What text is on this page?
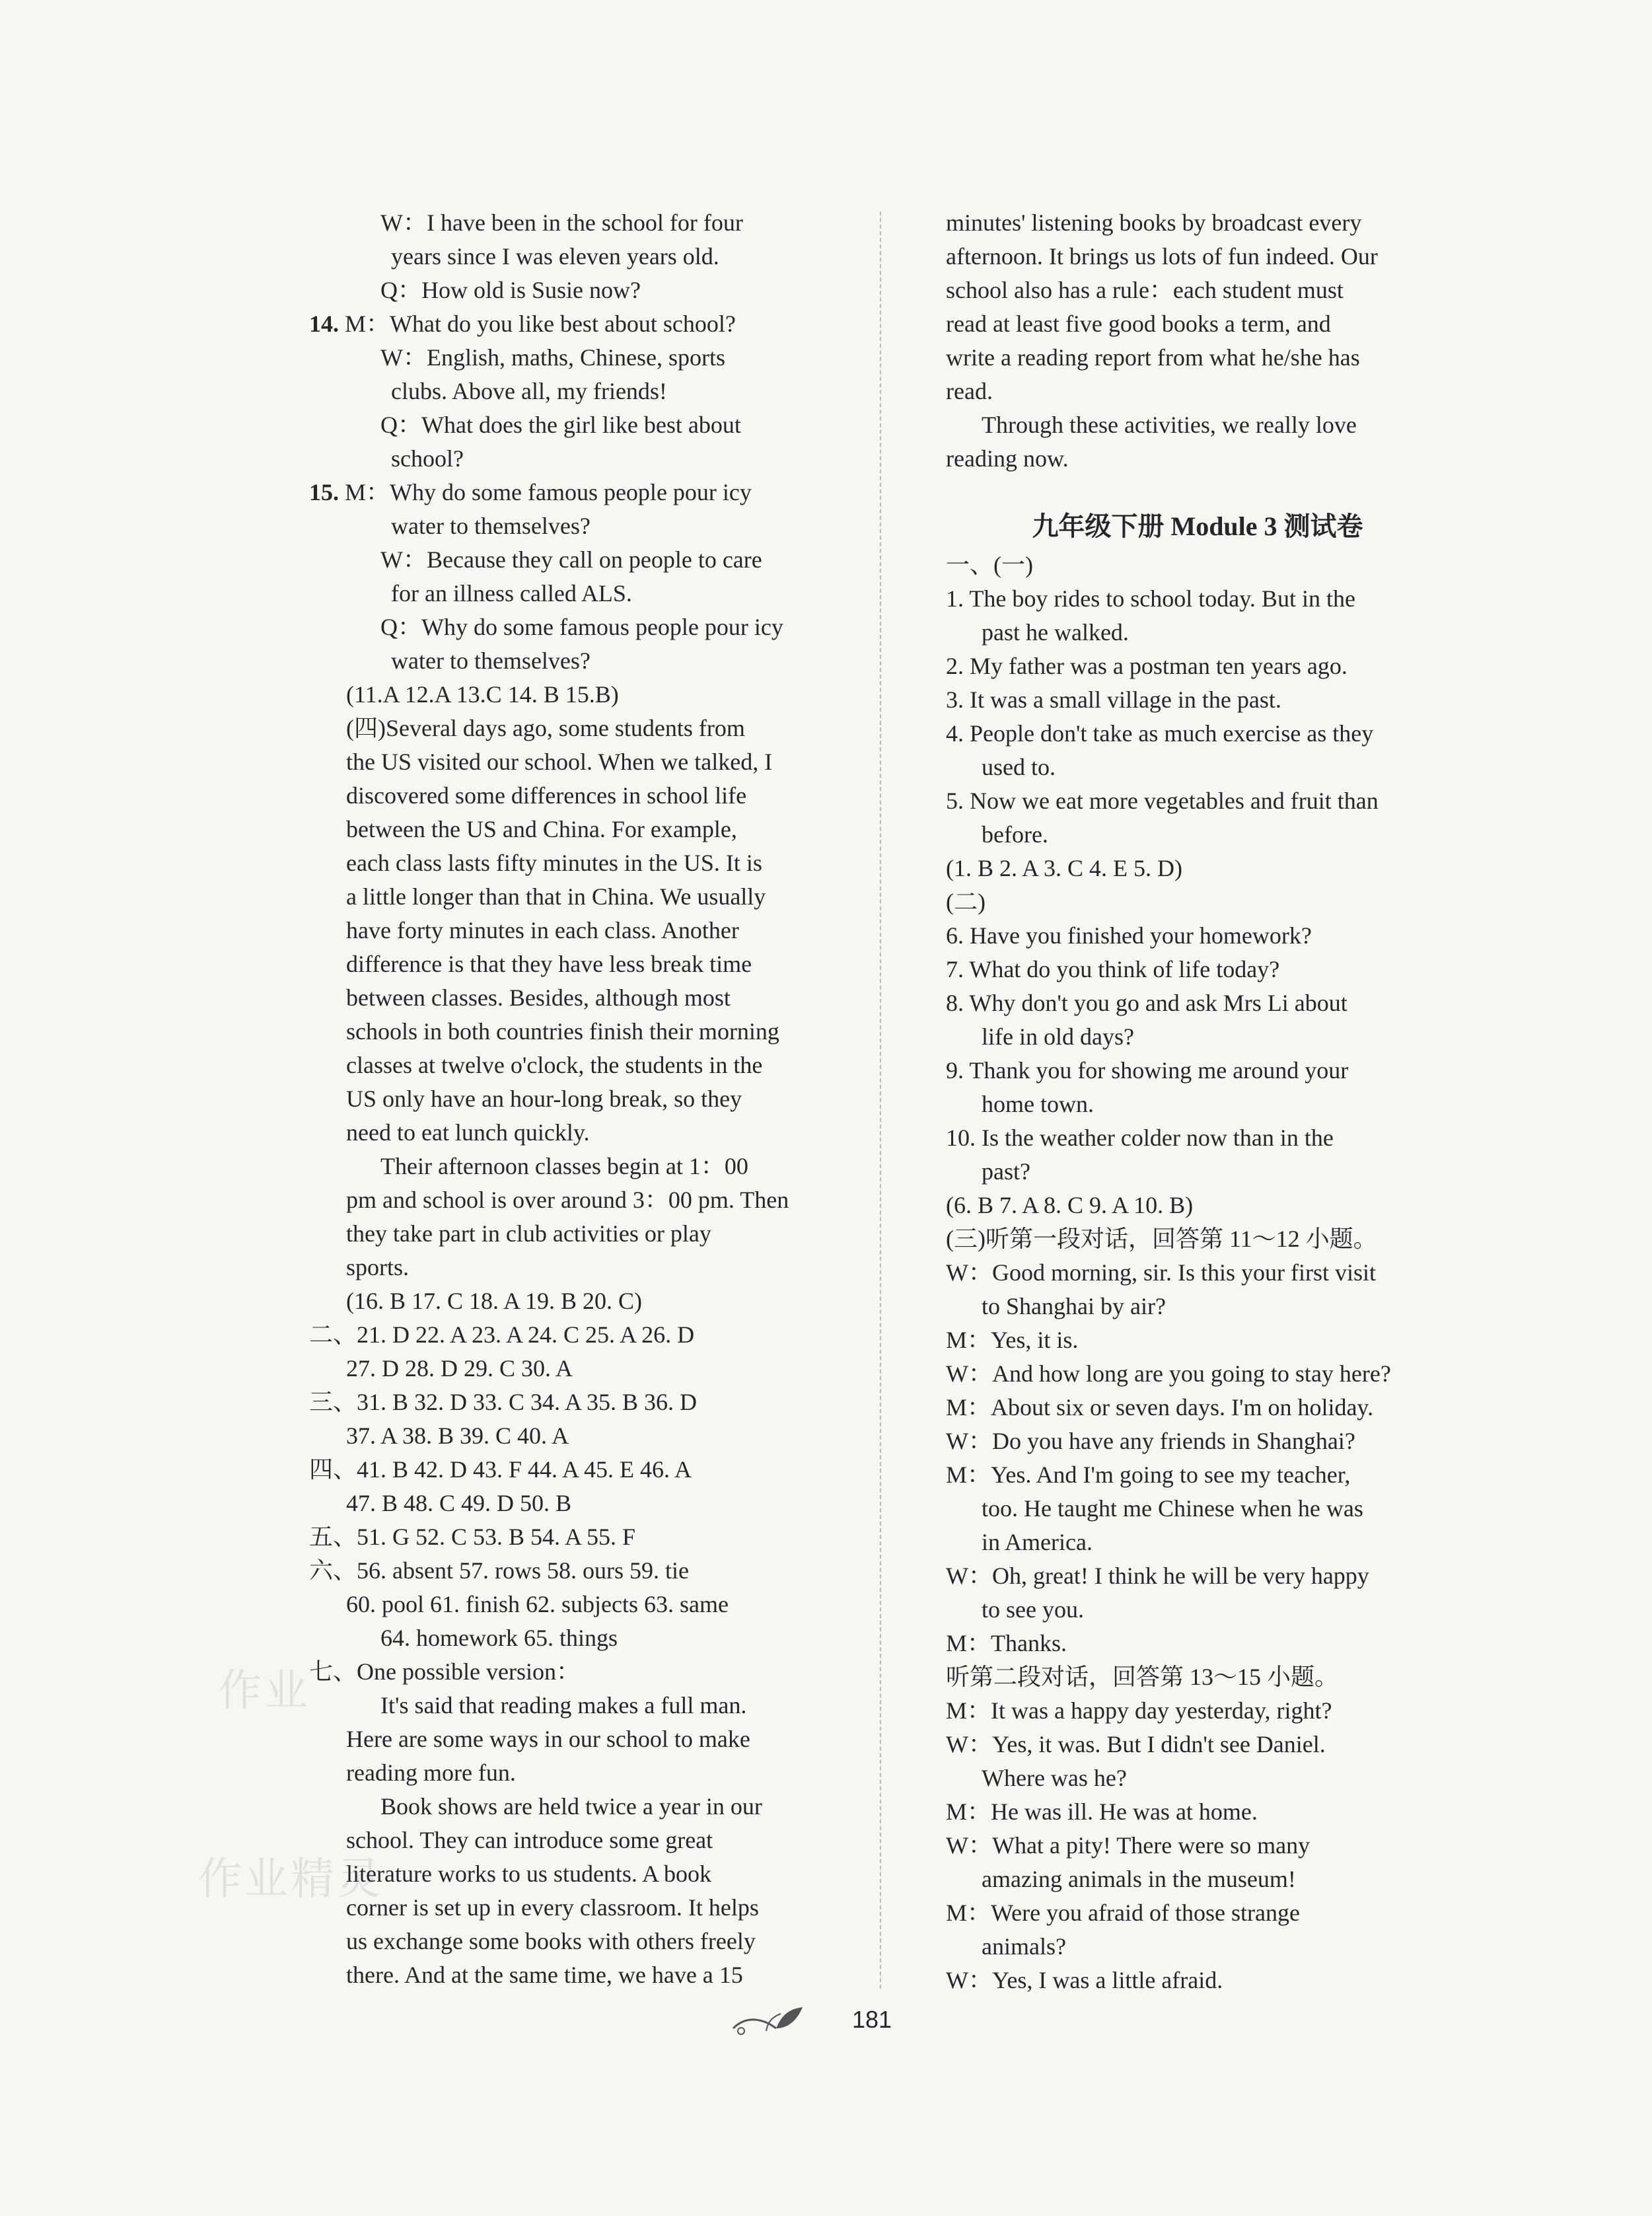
W：I have been in the school for four
years since I was eleven years old.
Q：How old is Susie now?
14. M：What do you like best about school?
W：English, maths, Chinese, sports
clubs. Above all, my friends!
Q：What does the girl like best about
school?
15. M：Why do some famous people pour icy
water to themselves?
W：Because they call on people to care
for an illness called ALS.
Q：Why do some famous people pour icy
water to themselves?
(11.A 12.A 13.C 14. B 15.B)
(四)Several days ago, some students from
the US visited our school. When we talked, I
discovered some differences in school life
between the US and China. For example,
each class lasts fifty minutes in the US. It is
a little longer than that in China. We usually
have forty minutes in each class. Another
difference is that they have less break time
between classes. Besides, although most
schools in both countries finish their morning
classes at twelve o'clock, the students in the
US only have an hour-long break, so they
need to eat lunch quickly.
Their afternoon classes begin at 1：00
pm and school is over around 3：00 pm. Then
they take part in club activities or play
sports.
(16. B 17. C 18. A 19. B 20. C)
二、21. D 22. A 23. A 24. C 25. A 26. D
27. D 28. D 29. C 30. A
三、31. B 32. D 33. C 34. A 35. B 36. D
37. A 38. B 39. C 40. A
四、41. B 42. D 43. F 44. A 45. E 46. A
47. B 48. C 49. D 50. B
五、51. G 52. C 53. B 54. A 55. F
六、56. absent 57. rows 58. ours 59. tie
60. pool 61. finish 62. subjects 63. same
64. homework 65. things
七、One possible version：
It's said that reading makes a full man.
Here are some ways in our school to make
reading more fun.
Book shows are held twice a year in our
school. They can introduce some great
literature works to us students. A book
corner is set up in every classroom. It helps
us exchange some books with others freely
there. And at the same time, we have a 15
minutes' listening books by broadcast every
afternoon. It brings us lots of fun indeed. Our
school also has a rule：each student must
read at least five good books a term, and
write a reading report from what he/she has
read.
Through these activities, we really love
reading now.
九年级下册 Module 3 测试卷
一、(一)
1. The boy rides to school today. But in the
past he walked.
2. My father was a postman ten years ago.
3. It was a small village in the past.
4. People don't take as much exercise as they
used to.
5. Now we eat more vegetables and fruit than
before.
(1. B 2. A 3. C 4. E 5. D)
(二)
6. Have you finished your homework?
7. What do you think of life today?
8. Why don't you go and ask Mrs Li about
life in old days?
9. Thank you for showing me around your
home town.
10. Is the weather colder now than in the
past?
(6. B 7. A 8. C 9. A 10. B)
(三)听第一段对话，回答第 11～12 小题。
W：Good morning, sir. Is this your first visit
to Shanghai by air?
M：Yes, it is.
W：And how long are you going to stay here?
M：About six or seven days. I'm on holiday.
W：Do you have any friends in Shanghai?
M：Yes. And I'm going to see my teacher,
too. He taught me Chinese when he was
in America.
W：Oh, great! I think he will be very happy
to see you.
M：Thanks.
听第二段对话，回答第 13～15 小题。
M：It was a happy day yesterday, right?
W：Yes, it was. But I didn't see Daniel.
Where was he?
M：He was ill. He was at home.
W：What a pity! There were so many
amazing animals in the museum!
M：Were you afraid of those strange
animals?
W：Yes, I was a little afraid.
作业
作业精灵
181
